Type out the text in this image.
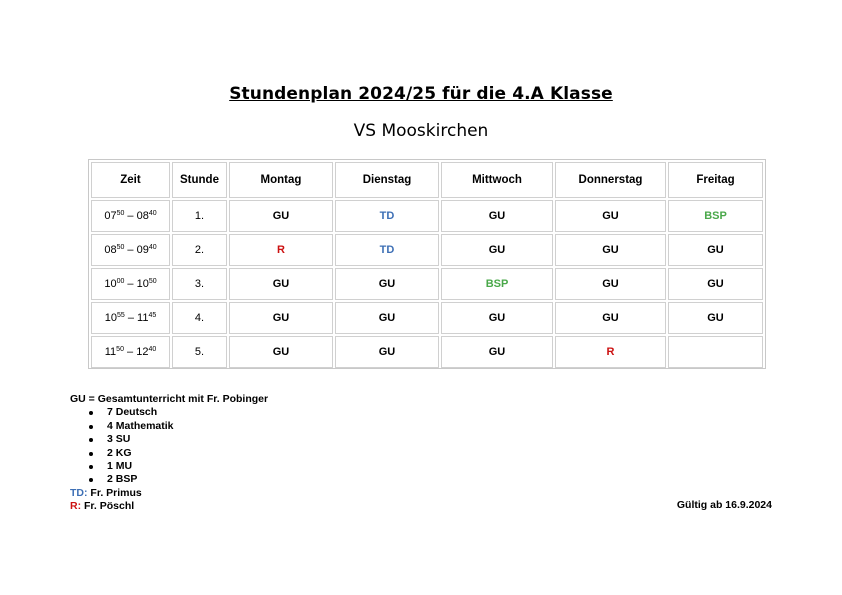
Stundenplan 2024/25 für die 4.A Klasse
VS Mooskirchen
Zeit	Stunde	Montag	Dienstag	Mittwoch	Donnerstag	Freitag
$07^{50} - 08^{40}$	1.	GU	TD	GU	GU	BSP
$08^{50} - 09^{40}$	2.	R	TD	GU	GU	GU
$10^{00} - 10^{50}$	3.	GU	GU	BSP	GU	GU
$10^{55} - 11^{45}$	4.	GU	GU	GU	GU	GU
$11^{50} - 12^{40}$	5.	GU	GU	GU	R	
GU = Gesamtunterricht mit Fr. Pobinger
7 Deutsch
4 Mathematik
3 SU
2 KG
1 MU
2 BSP
TD: Fr. Primus
R: Fr. Pöschl	Gültig ab 16.9.2024
